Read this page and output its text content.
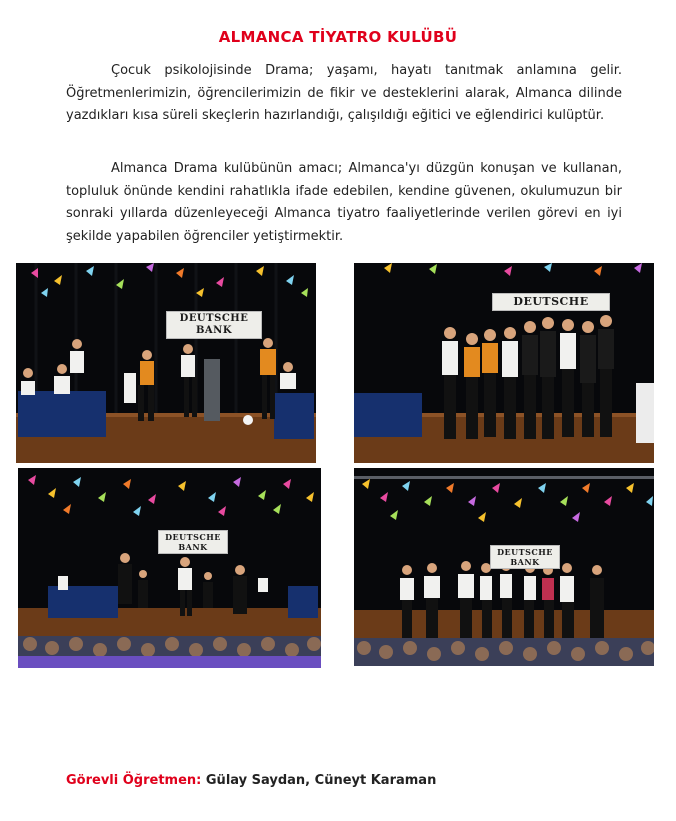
ALMANCA TİYATRO KULÜBÜ

Çocuk psikolojisinde Drama; yaşamı, hayatı tanıtmak anlamına gelir. Öğretmenlerimizin, öğrencilerimizin de fikir ve desteklerini alarak, Almanca dilinde yazdıkları kısa süreli skeçlerin hazırlandığı, çalışıldığı eğitici ve eğlendirici kulüptür.

Almanca Drama kulübünün amacı; Almanca'yı düzgün konuşan ve kullanan, topluluk önünde kendini rahatlıkla ifade edebilen, kendine güvenen, okulumuzun bir sonraki yıllarda düzenleyeceği Almanca tiyatro faaliyetlerinde verilen görevi en iyi şekilde yapabilen öğrenciler yetiştirmektir.

DEUTSCHE BANK
DEUTSCHE
DEUTSCHE BANK	DEUTSCHE BANK
Görevli Öğretmen: Gülay Saydan, Cüneyt Karaman
